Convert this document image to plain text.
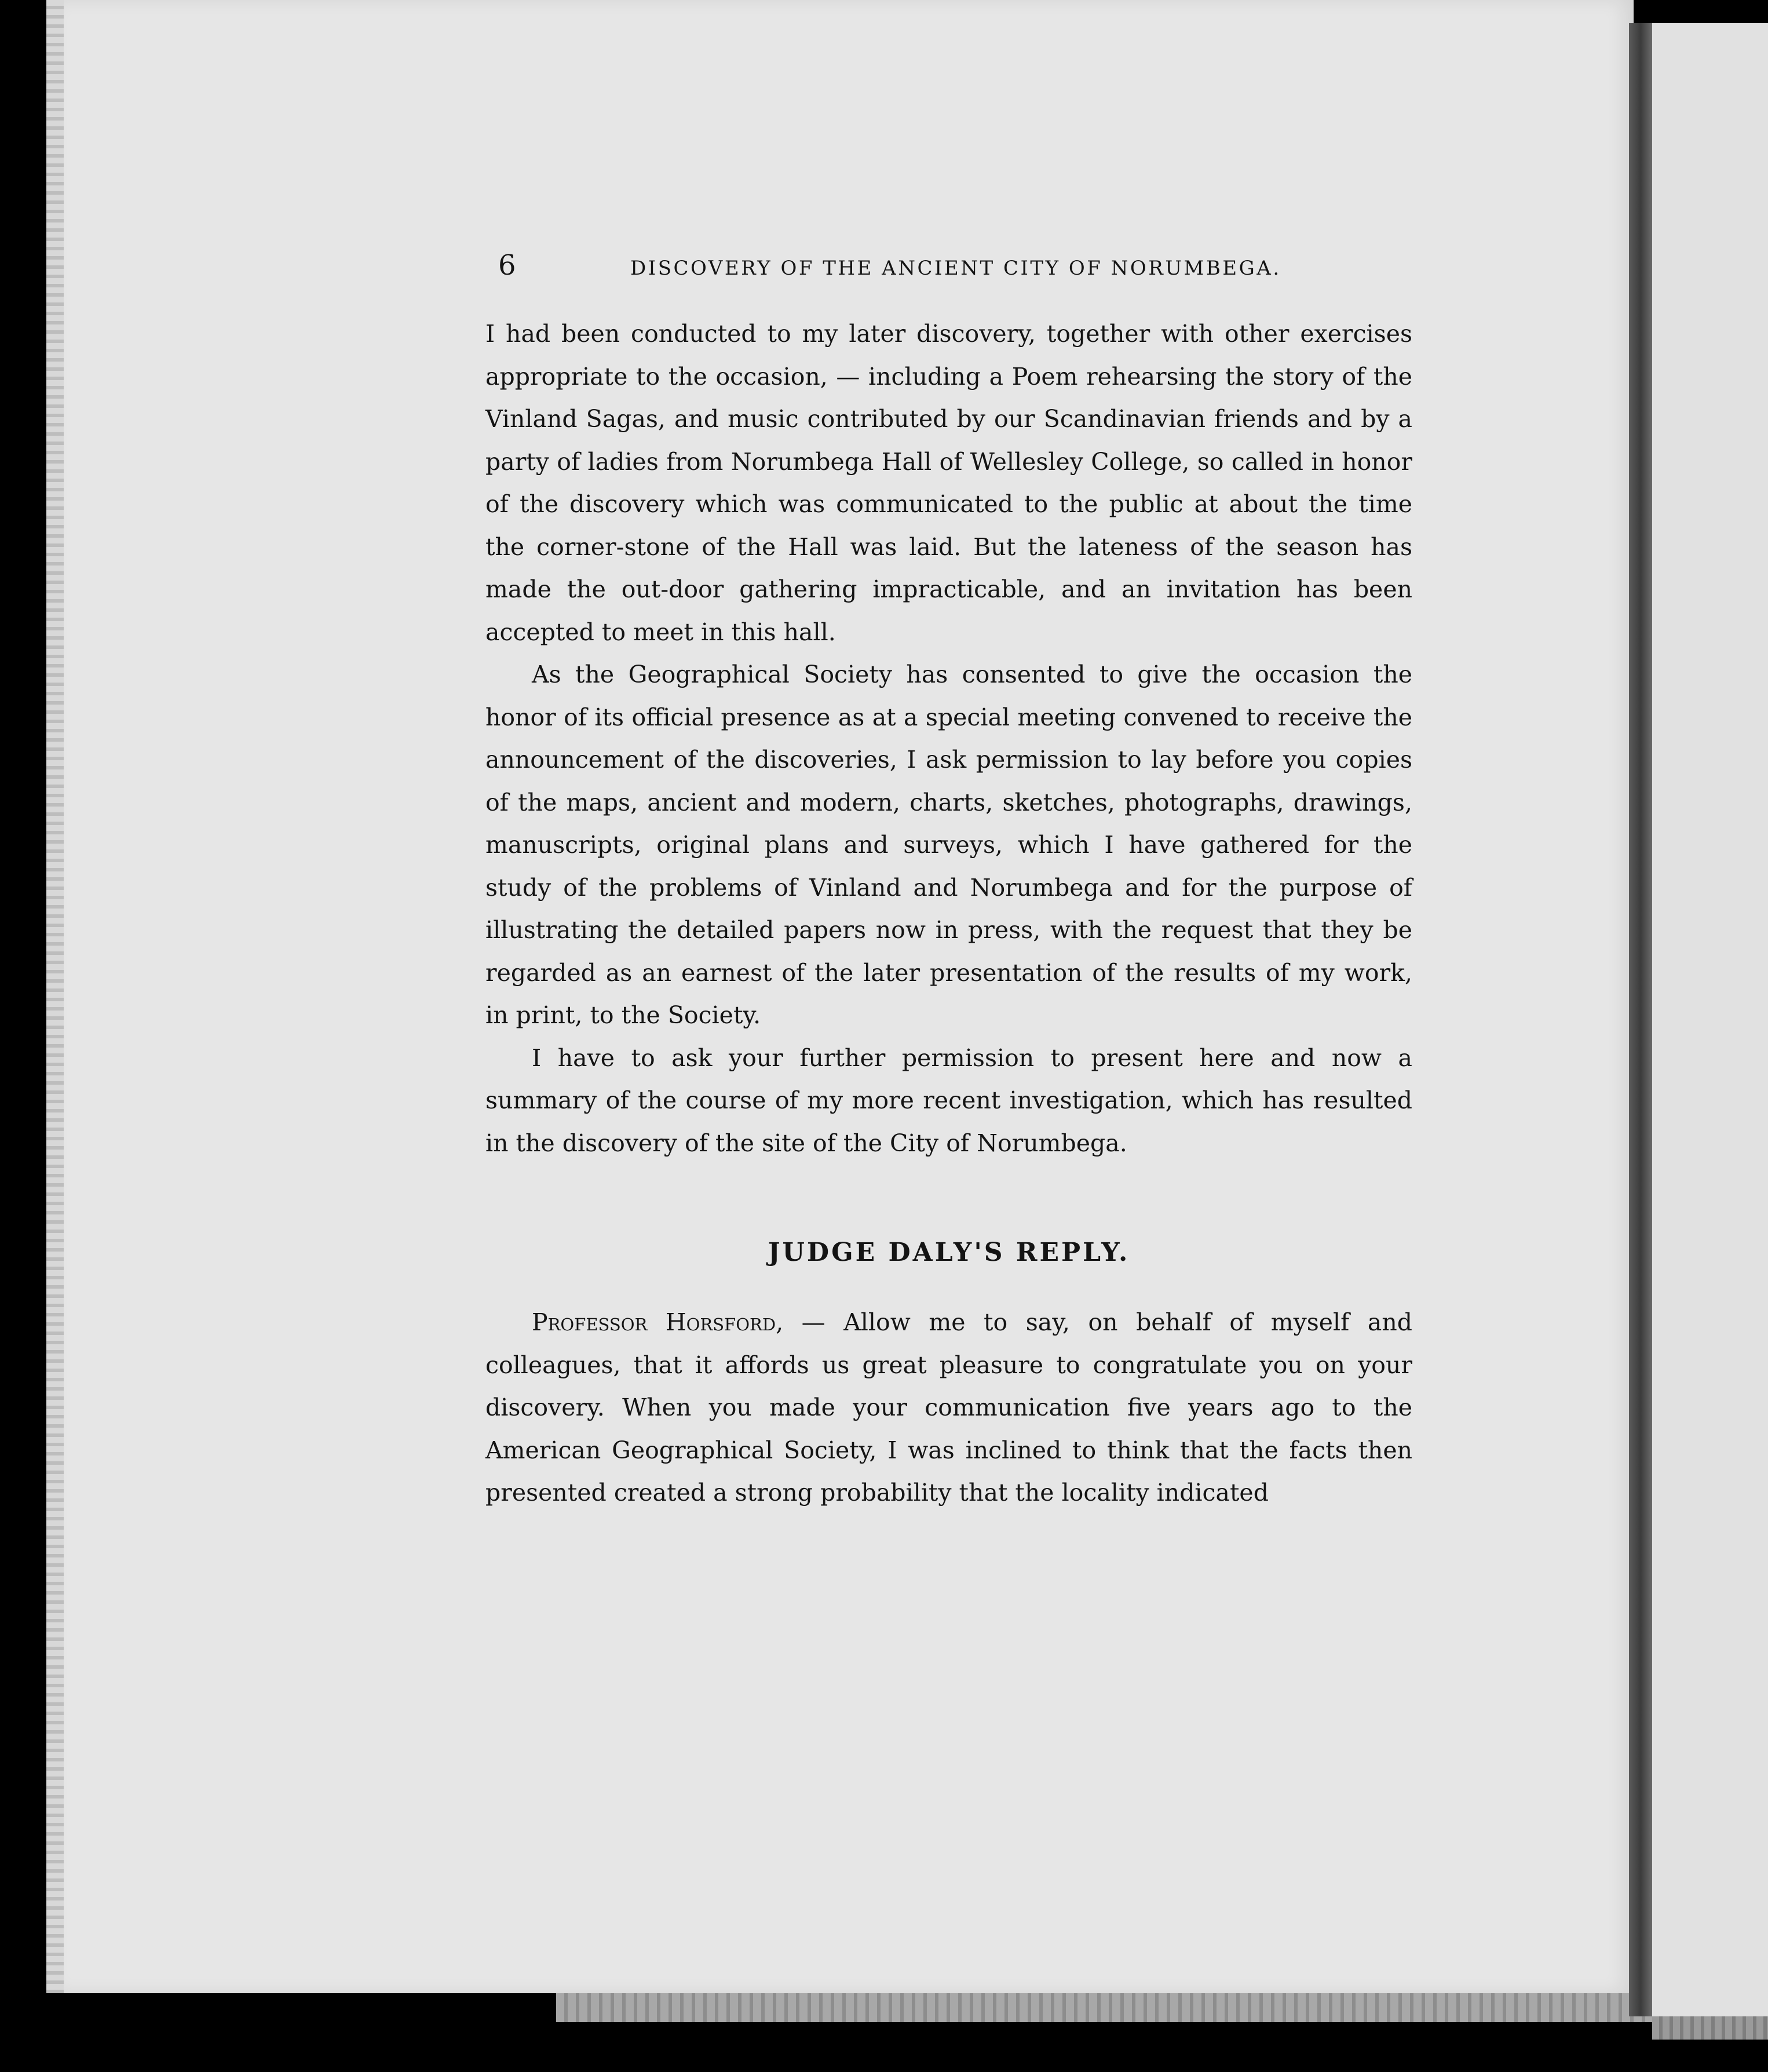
6	DISCOVERY OF THE ANCIENT CITY OF NORUMBEGA.

I had been conducted to my later discovery, together with other exercises appropriate to the occasion, — including a Poem rehearsing the story of the Vinland Sagas, and music contributed by our Scandinavian friends and by a party of ladies from Norumbega Hall of Wellesley College, so called in honor of the discovery which was communicated to the public at about the time the corner-stone of the Hall was laid. But the lateness of the season has made the out-door gathering impracticable, and an invitation has been accepted to meet in this hall.

As the Geographical Society has consented to give the occasion the honor of its official presence as at a special meeting convened to receive the announcement of the discoveries, I ask permission to lay before you copies of the maps, ancient and modern, charts, sketches, photographs, drawings, manuscripts, original plans and surveys, which I have gathered for the study of the problems of Vinland and Norumbega and for the purpose of illustrating the detailed papers now in press, with the request that they be regarded as an earnest of the later presentation of the results of my work, in print, to the Society.

I have to ask your further permission to present here and now a summary of the course of my more recent investigation, which has resulted in the discovery of the site of the City of Norumbega.

JUDGE DALY'S REPLY.

Professor Horsford, — Allow me to say, on behalf of myself and colleagues, that it affords us great pleasure to congratulate you on your discovery. When you made your communication five years ago to the American Geographical Society, I was inclined to think that the facts then presented created a strong probability that the locality indicated
